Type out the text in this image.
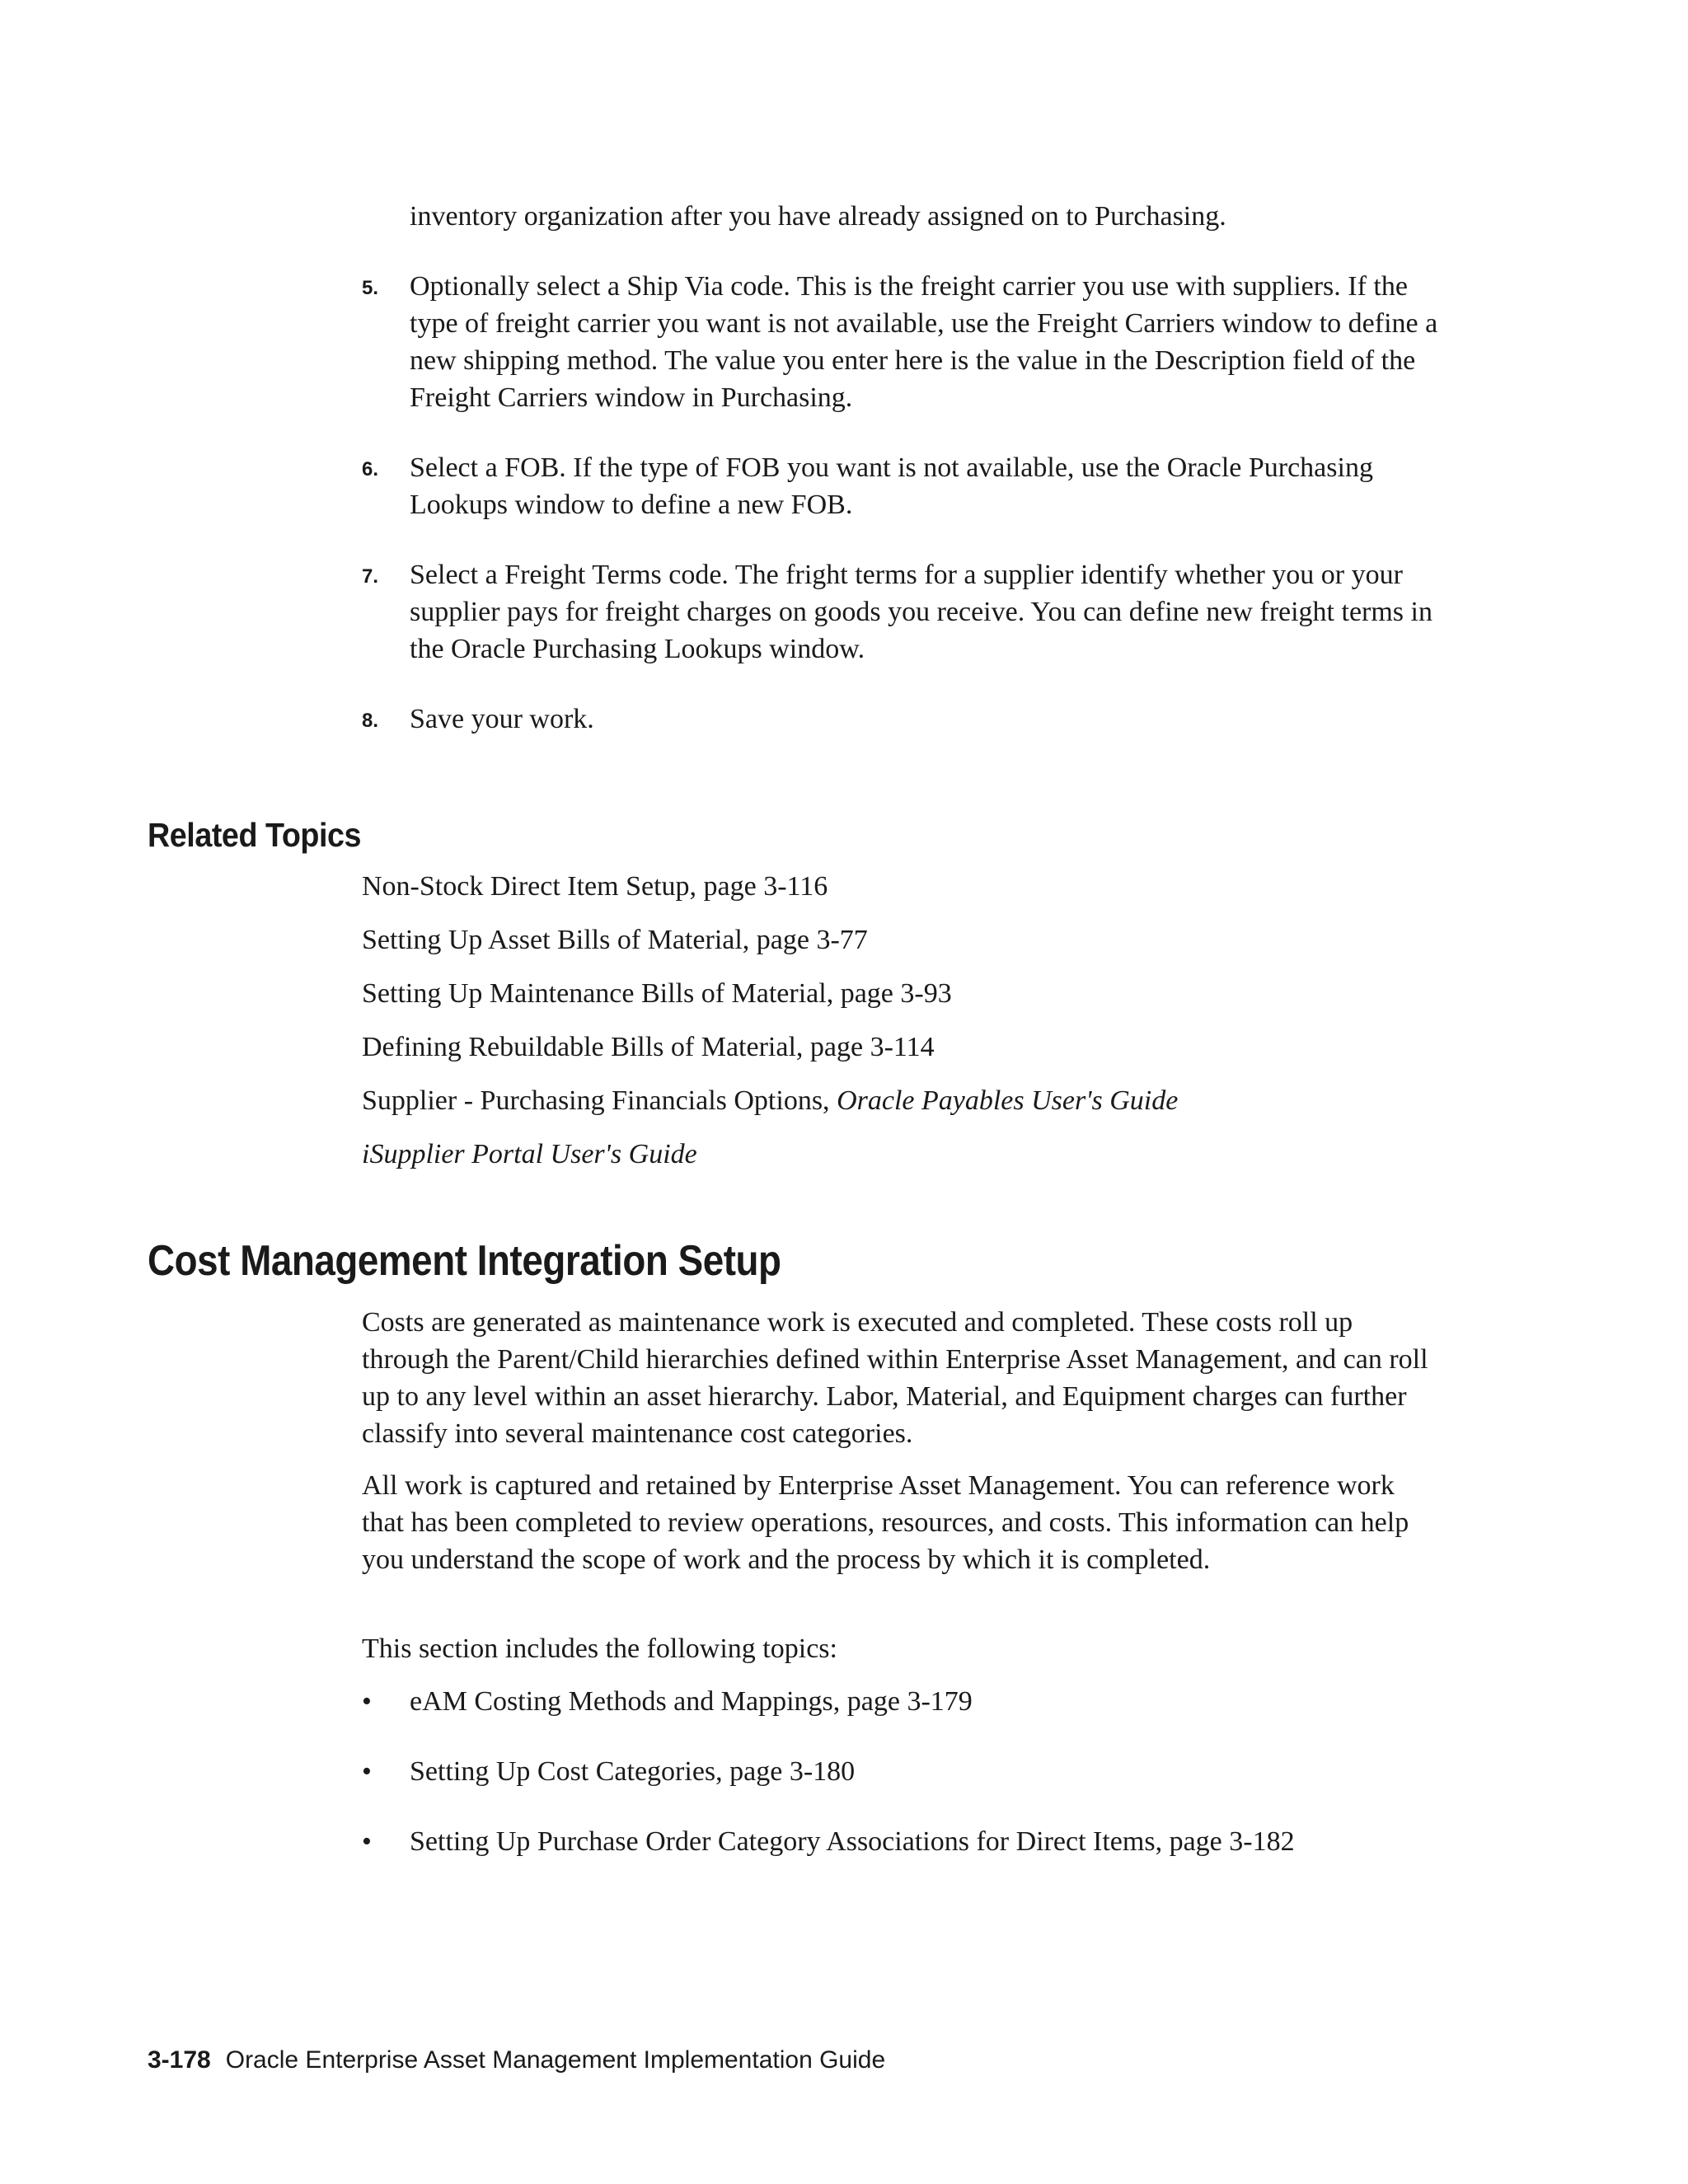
inventory organization after you have already assigned on to Purchasing.
5. Optionally select a Ship Via code. This is the freight carrier you use with suppliers. If the type of freight carrier you want is not available, use the Freight Carriers window to define a new shipping method. The value you enter here is the value in the Description field of the Freight Carriers window in Purchasing.
6. Select a FOB. If the type of FOB you want is not available, use the Oracle Purchasing Lookups window to define a new FOB.
7. Select a Freight Terms code. The fright terms for a supplier identify whether you or your supplier pays for freight charges on goods you receive. You can define new freight terms in the Oracle Purchasing Lookups window.
8. Save your work.
Related Topics
Non-Stock Direct Item Setup, page 3-116
Setting Up Asset Bills of Material, page 3-77
Setting Up Maintenance Bills of Material, page 3-93
Defining Rebuildable Bills of Material, page 3-114
Supplier - Purchasing Financials Options, Oracle Payables User's Guide
iSupplier Portal User's Guide
Cost Management Integration Setup
Costs are generated as maintenance work is executed and completed. These costs roll up through the Parent/Child hierarchies defined within Enterprise Asset Management, and can roll up to any level within an asset hierarchy. Labor, Material, and Equipment charges can further classify into several maintenance cost categories.
All work is captured and retained by Enterprise Asset Management. You can reference work that has been completed to review operations, resources, and costs. This information can help you understand the scope of work and the process by which it is completed.
This section includes the following topics:
• eAM Costing Methods and Mappings, page 3-179
• Setting Up Cost Categories, page 3-180
• Setting Up Purchase Order Category Associations for Direct Items, page 3-182
3-178 Oracle Enterprise Asset Management Implementation Guide
